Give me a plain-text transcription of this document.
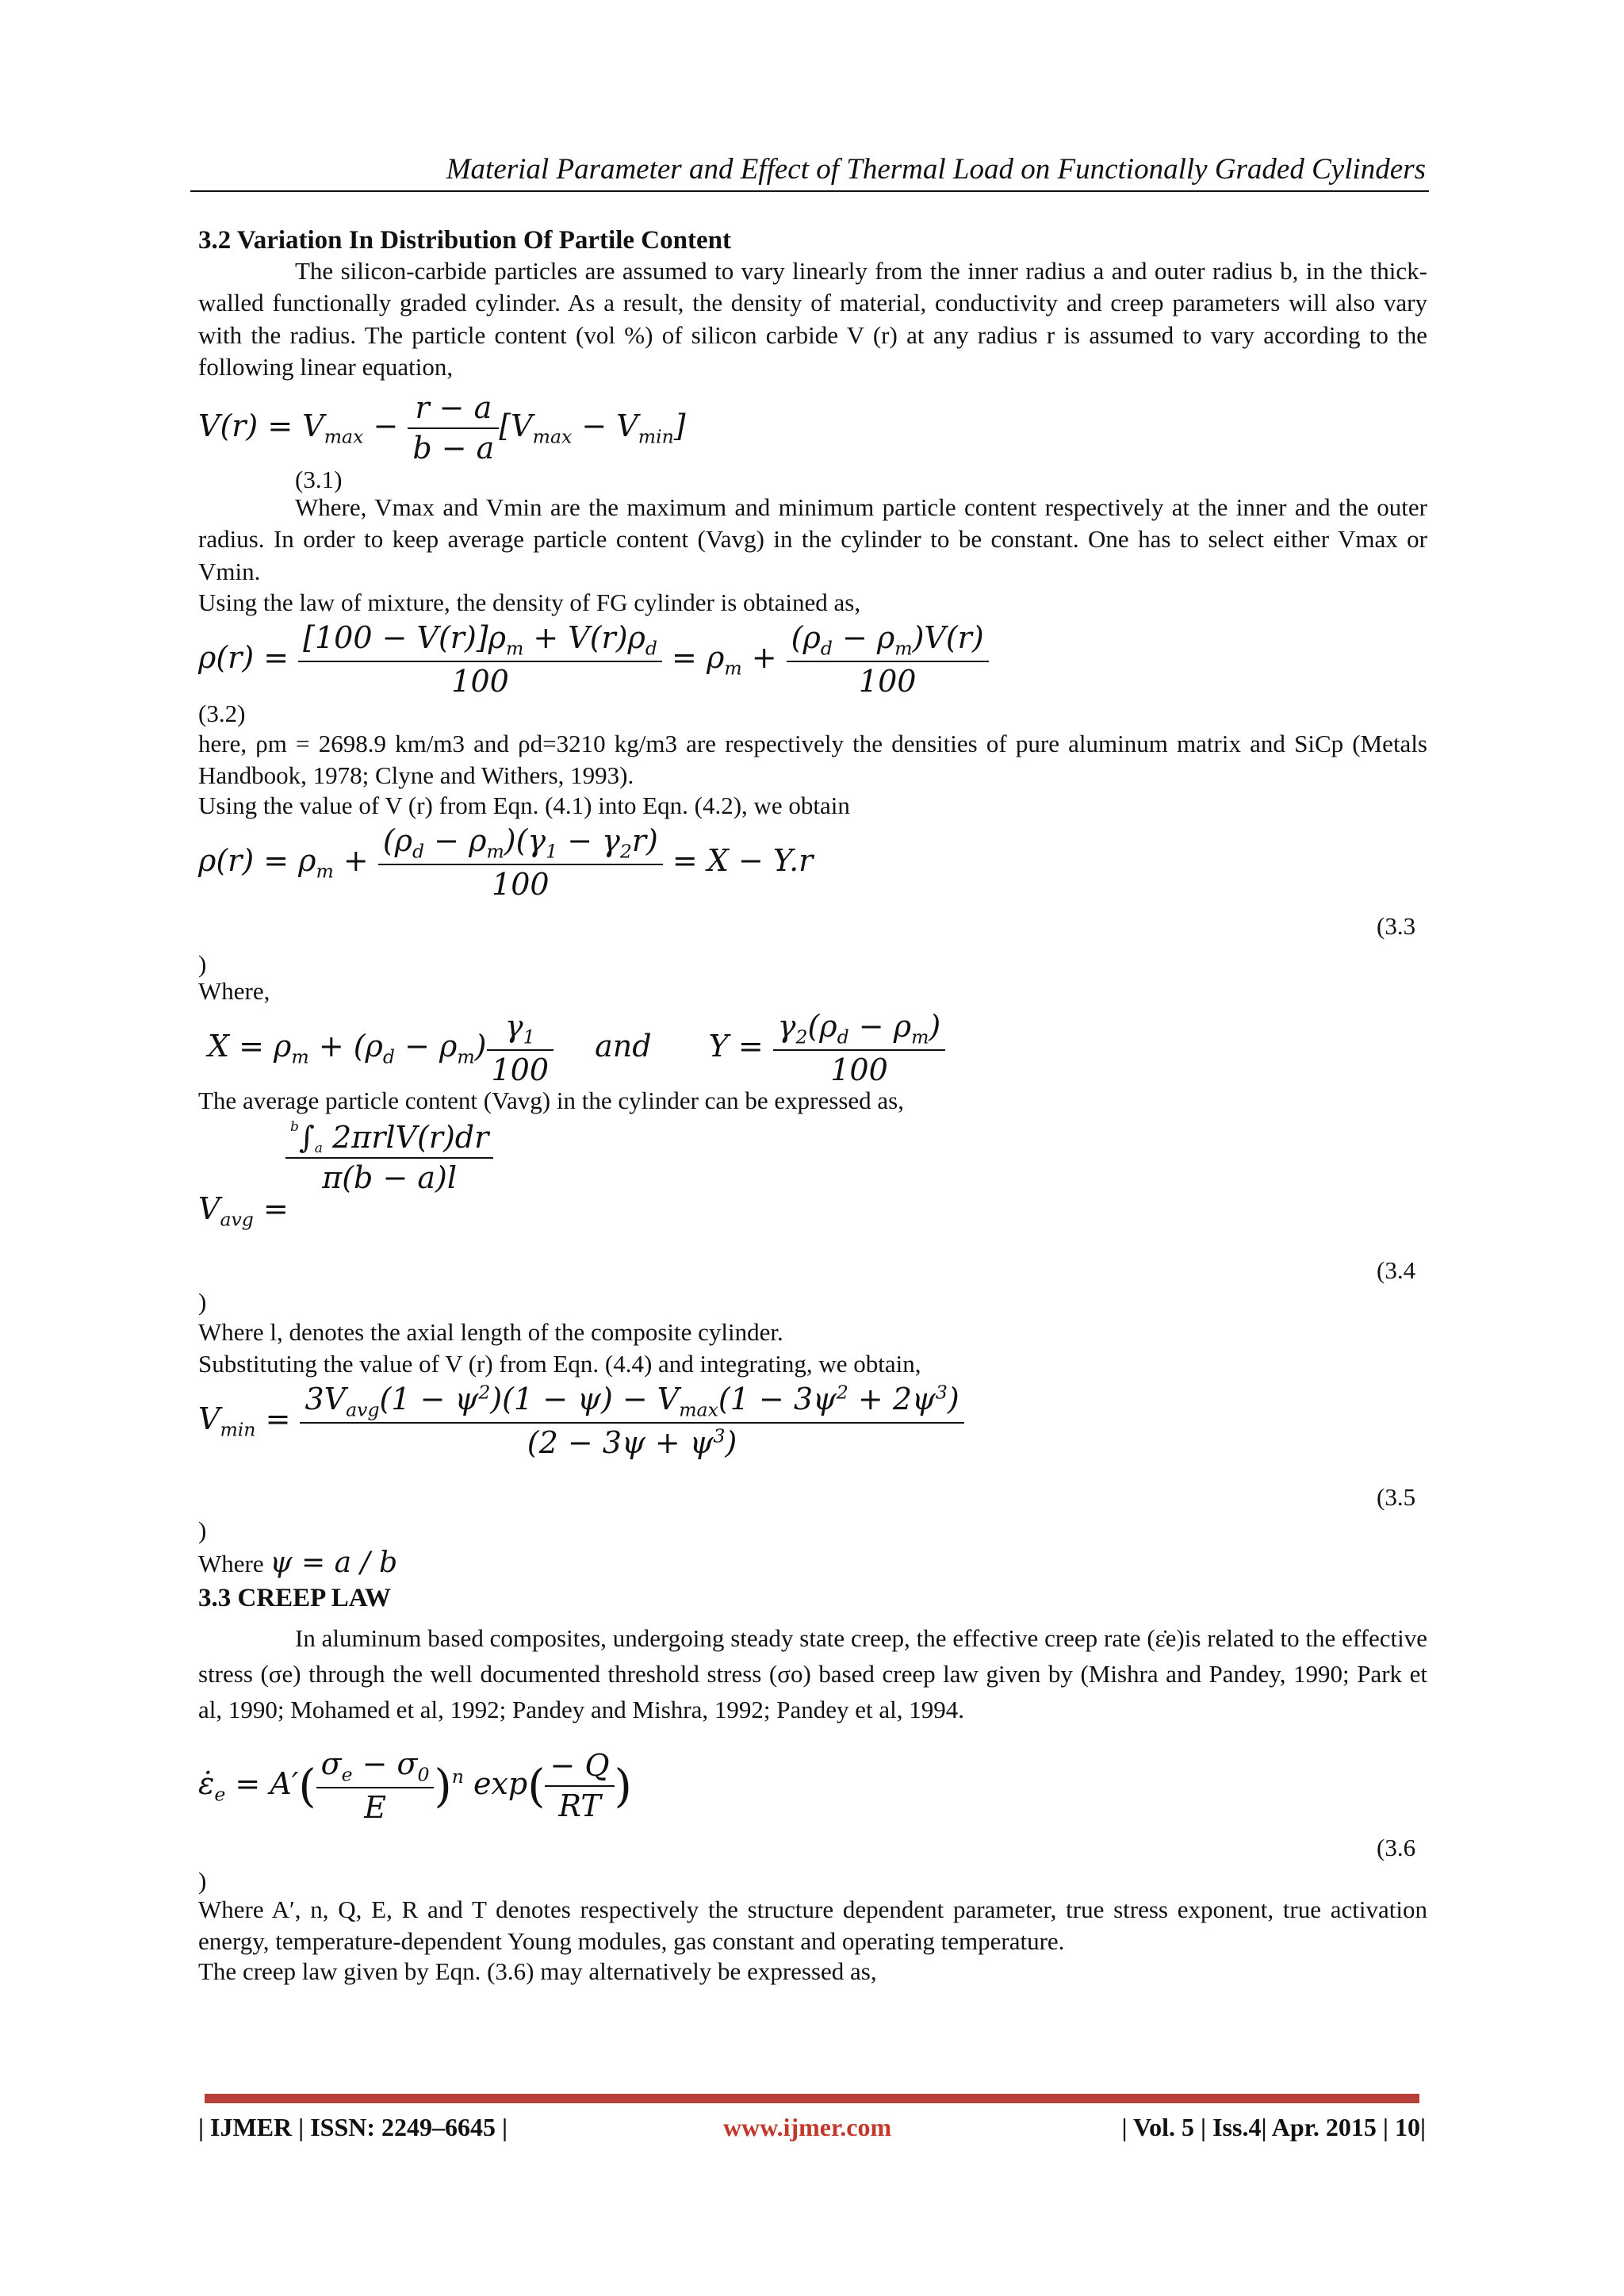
Material Parameter and Effect of Thermal Load on Functionally Graded Cylinders
3.2 Variation In Distribution Of Partile Content
The silicon-carbide particles are assumed to vary linearly from the inner radius a and outer radius b, in the thick-walled functionally graded cylinder. As a result, the density of material, conductivity and creep parameters will also vary with the radius. The particle content (vol %) of silicon carbide V (r) at any radius r is assumed to vary according to the following linear equation,
$V(r) = V_{max} - \frac{r - a}{b - a} [V_{max} - V_{min}]$
(3.1)
Where, Vmax and Vmin are the maximum and minimum particle content respectively at the inner and the outer radius. In order to keep average particle content (Vavg) in the cylinder to be constant. One has to select either Vmax or Vmin.
Using the law of mixture, the density of FG cylinder is obtained as,
$\rho(r) = \frac{[100 - V(r)]\rho_m + V(r)\rho_d}{100} = \rho_m + \frac{(\rho_d - \rho_m)V(r)}{100}$
(3.2)
here, ρm = 2698.9 km/m3 and ρd=3210 kg/m3 are respectively the densities of pure aluminum matrix and SiCp (Metals Handbook, 1978; Clyne and Withers, 1993).
Using the value of V (r) from Eqn. (4.1) into Eqn. (4.2), we obtain
$\rho(r) = \rho_m + \frac{(\rho_d - \rho_m)(\gamma_1 - \gamma_2r)}{100} = X - Y.r$
(3.3
)
Where,
$X = \rho_m + (\rho_d - \rho_m) \frac{\gamma_1}{100}$ and $Y = \frac{\gamma_2(\rho_d - \rho_m)}{100}$
The average particle content (Vavg) in the cylinder can be expressed as,
$V_{avg}$ =
$\frac{^b\int a 2\pi rlV(r)dr}{\pi(b - a)l}$
(3.4
)
Where l, denotes the axial length of the composite cylinder.
Substituting the value of V (r) from Eqn. (4.4) and integrating, we obtain,
$V_{min} = \frac{3V_{avg}(1 - \psi^2)(1 - \psi) - V_{max}(1 - 3\psi^2 + 2\psi^3)}{(2 - 3\psi + \psi^3)}$
(3.5
)
Where ψ = a / b
3.3 CREEP LAW
In aluminum based composites, undergoing steady state creep, the effective creep rate (ε̇e)is related to the effective stress (σe) through the well documented threshold stress (σo) based creep law given by (Mishra and Pandey, 1990; Park et al, 1990; Mohamed et al, 1992; Pandey and Mishra, 1992; Pandey et al, 1994.
$\varepsiloṅ_e = A'( \frac{\sigma_e - \sigma_0}{E} )^n$ $\exp( \frac{- Q}{RT}$ )
(3.6
)
Where A′, n, Q, E, R and T denotes respectively the structure dependent parameter, true stress exponent, true activation energy, temperature-dependent Young modules, gas constant and operating temperature.
The creep law given by Eqn. (3.6) may alternatively be expressed as,
| IJMER | ISSN: 2249–6645 |	www.ijmer.com	| Vol. 5 | Iss.4| Apr. 2015 | 10|
